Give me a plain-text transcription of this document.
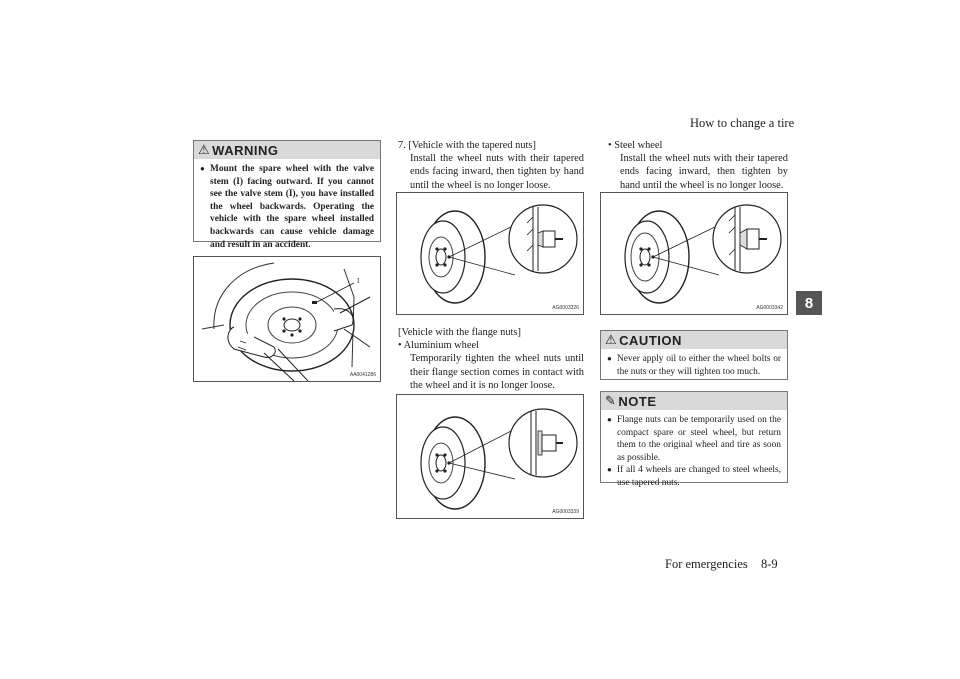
How to change a tire
For emergencies 8-9
8
⚠ WARNING
● Mount the spare wheel with the valve stem (I) facing outward. If you cannot see the valve stem (I), you have installed the wheel backwards. Operating the vehicle with the spare wheel installed backwards can cause vehicle damage and result in an accident.
I
AA0041286
7. [Vehicle with the tapered nuts]
Install the wheel nuts with their tapered ends facing inward, then tighten by hand until the wheel is no longer loose.
AG0003326
[Vehicle with the flange nuts]
• Aluminium wheel
Temporarily tighten the wheel nuts until their flange section comes in contact with the wheel and it is no longer loose.
AG0003339
• Steel wheel
Install the wheel nuts with their tapered ends facing inward, then tighten by hand until the wheel is no longer loose.
AG0003342
⚠ CAUTION
● Never apply oil to either the wheel bolts or the nuts or they will tighten too much.
✎ NOTE
● Flange nuts can be temporarily used on the compact spare or steel wheel, but return them to the original wheel and tire as soon as possible.
● If all 4 wheels are changed to steel wheels, use tapered nuts.
